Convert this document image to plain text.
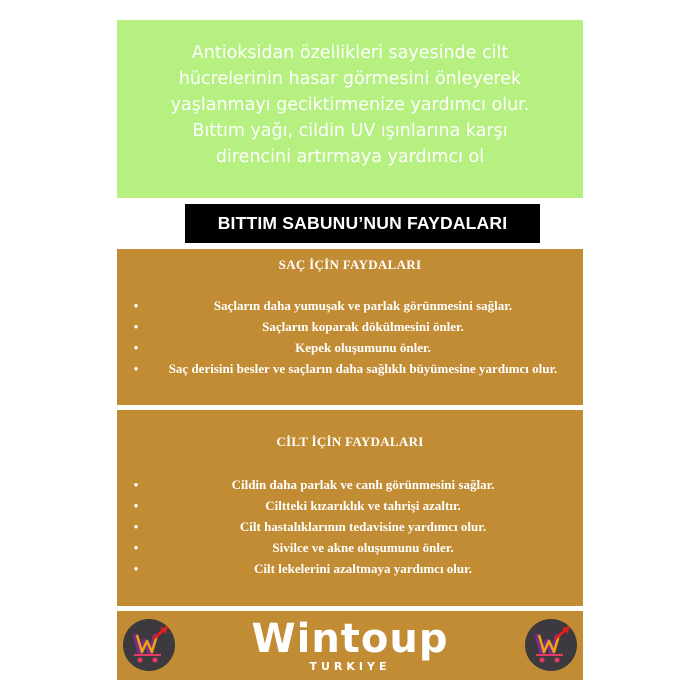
Antioksidan özellikleri sayesinde cilt

hücrelerinin hasar görmesini önleyerek

yaşlanmayı geciktirmenize yardımcı olur.

Bıttım yağı, cildin UV ışınlarına karşı

direncini artırmaya yardımcı ol

BITTIM SABUNU’NUN FAYDALARI
SAÇ İÇİN FAYDALARI
•	Saçların daha yumuşak ve parlak görünmesini sağlar.
•	Saçların koparak dökülmesini önler.
•	Kepek oluşumunu önler.
• Saç derisini besler ve saçların daha sağlıklı büyümesine yardımcı olur.
CİLT İÇİN FAYDALARI
•	Cildin daha parlak ve canlı görünmesini sağlar.
•	Ciltteki kızarıklık ve tahrişi azaltır.
•	Cilt hastalıklarının tedavisine yardımcı olur.
•	Sivilce ve akne oluşumunu önler.
•	Cilt lekelerini azaltmaya yardımcı olur.
Wintoup
TURKIYE
